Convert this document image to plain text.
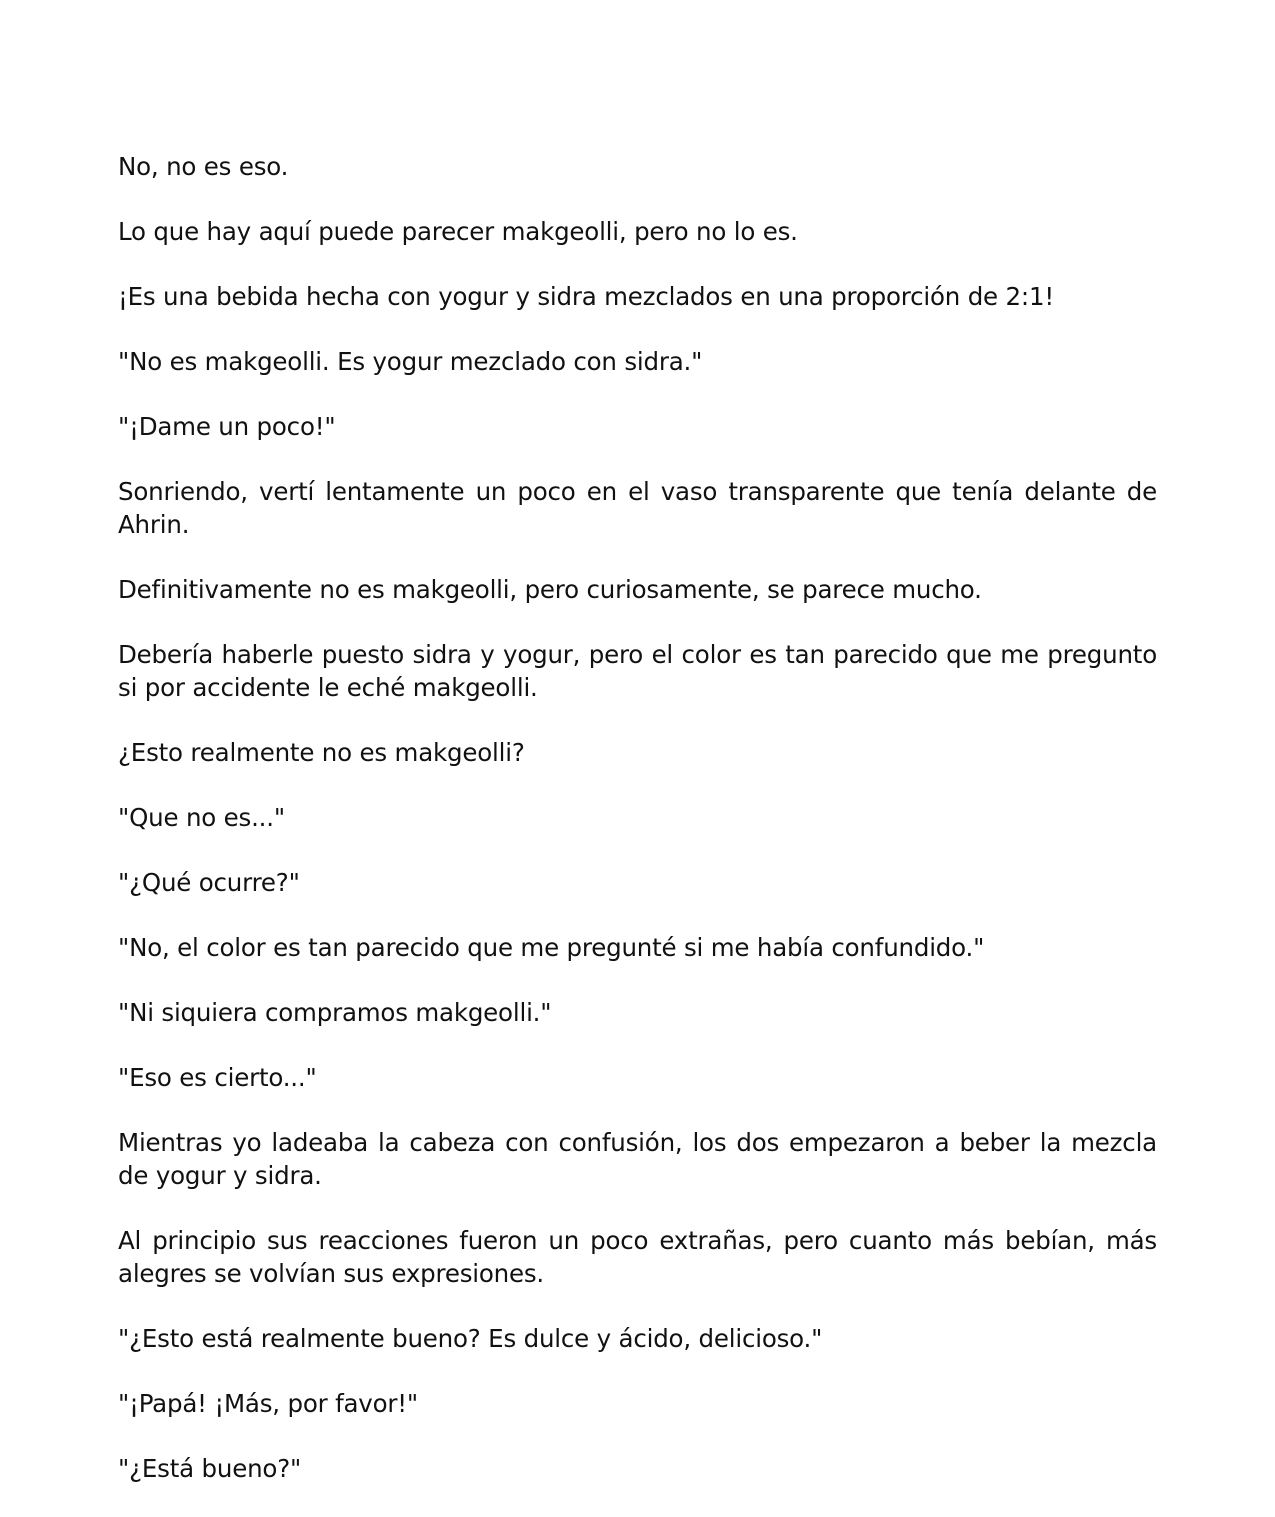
No, no es eso.

Lo que hay aquí puede parecer makgeolli, pero no lo es.

¡Es una bebida hecha con yogur y sidra mezclados en una proporción de 2:1!

"No es makgeolli. Es yogur mezclado con sidra."

"¡Dame un poco!"

Sonriendo, vertí lentamente un poco en el vaso transparente que tenía delante de Ahrin.

Definitivamente no es makgeolli, pero curiosamente, se parece mucho.

Debería haberle puesto sidra y yogur, pero el color es tan parecido que me pregunto si por accidente le eché makgeolli.

¿Esto realmente no es makgeolli?

"Que no es..."

"¿Qué ocurre?"

"No, el color es tan parecido que me pregunté si me había confundido."

"Ni siquiera compramos makgeolli."

"Eso es cierto..."

Mientras yo ladeaba la cabeza con confusión, los dos empezaron a beber la mezcla de yogur y sidra.

Al principio sus reacciones fueron un poco extrañas, pero cuanto más bebían, más alegres se volvían sus expresiones.

"¿Esto está realmente bueno? Es dulce y ácido, delicioso."

"¡Papá! ¡Más, por favor!"

"¿Está bueno?"
